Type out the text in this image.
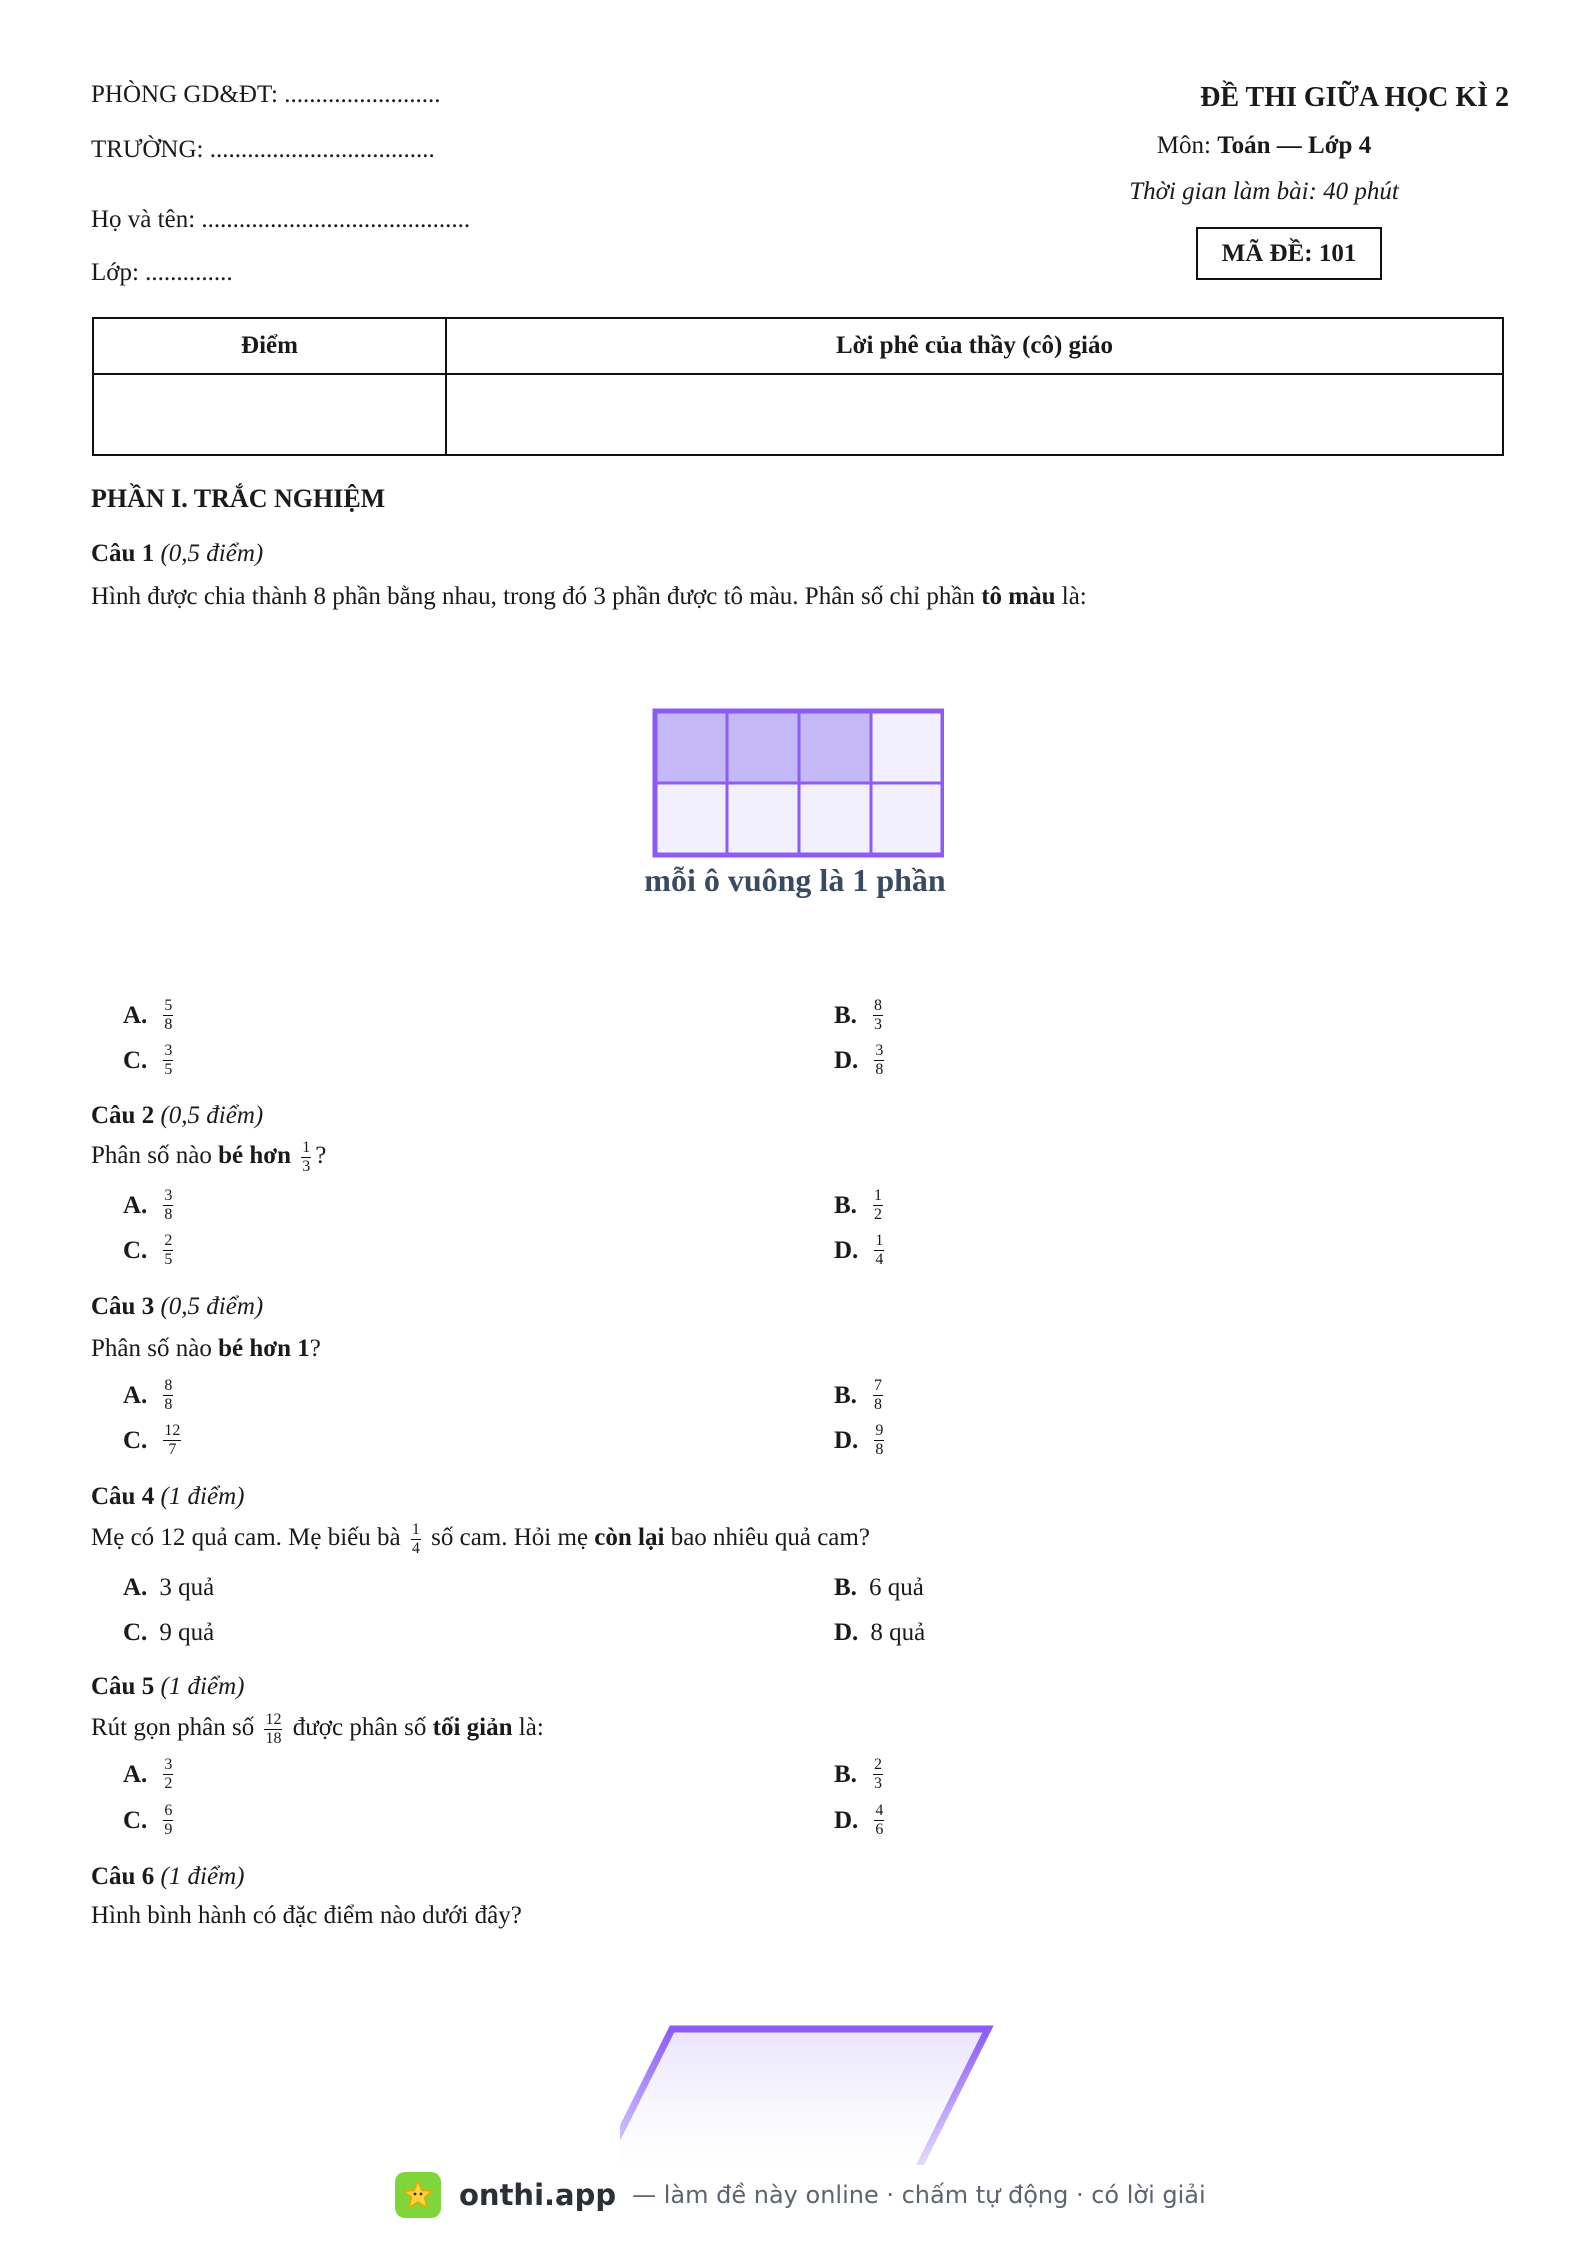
PHÒNG GD&ĐT: .........................
TRƯỜNG: ....................................
Họ và tên: ...........................................
Lớp: ..............
ĐỀ THI GIỮA HỌC KÌ 2
Môn: Toán — Lớp 4
Thời gian làm bài: 40 phút
MÃ ĐỀ: 101
Điểm	Lời phê của thầy (cô) giáo

PHẦN I. TRẮC NGHIỆM
Câu 1 (0,5 điểm)
Hình được chia thành 8 phần bằng nhau, trong đó 3 phần được tô màu. Phân số chỉ phần tô màu là:
mỗi ô vuông là 1 phần
A. $\frac{5}{8}$	B. $\frac{8}{3}$
C. $\frac{3}{5}$	D. $\frac{3}{8}$
Câu 2 (0,5 điểm)
Phân số nào bé hơn $\frac{1}{3}$ ?
A. $\frac{3}{8}$	B. $\frac{1}{2}$
C. $\frac{2}{5}$	D. $\frac{1}{4}$
Câu 3 (0,5 điểm)
Phân số nào bé hơn 1?
A. $\frac{8}{8}$	B. $\frac{7}{8}$
C. $\frac{12}{7}$	D. $\frac{9}{8}$
Câu 4 (1 điểm)
Mẹ có 12 quả cam. Mẹ biếu bà $\frac{1}{4}$ số cam. Hỏi mẹ còn lại bao nhiêu quả cam?
A. 3 quả	B. 6 quả
C. 9 quả	D. 8 quả
Câu 5 (1 điểm)
Rút gọn phân số $\frac{12}{18}$ được phân số tối giản là:
A. $\frac{3}{2}$	B. $\frac{2}{3}$
C. $\frac{6}{9}$	D. $\frac{4}{6}$
Câu 6 (1 điểm)
Hình bình hành có đặc điểm nào dưới đây?
onthi.app — làm đề này online · chấm tự động · có lời giải
